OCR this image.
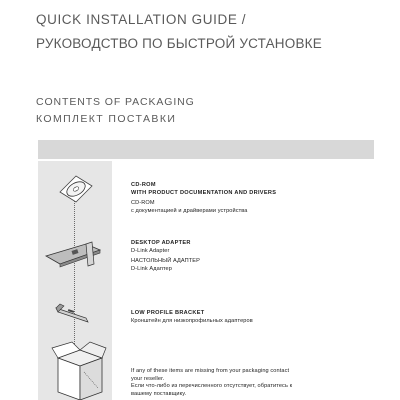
QUICK INSTALLATION GUIDE /
РУКОВОДСТВО ПО БЫСТРОЙ УСТАНОВКЕ
CONTENTS OF PACKAGING
КОМПЛЕКТ ПОСТАВКИ
CD-ROM
WITH PRODUCT DOCUMENTATION AND DRIVERS
CD-ROM
с документацией и драйверами устройства
DESKTOP ADAPTER
D-Link Adapter
НАСТОЛЬНЫЙ АДАПТЕР
D-Link Адаптер
LOW PROFILE BRACKET
Кронштейн для низкопрофильных адаптеров
If any of these items are missing from your packaging contact
your reseller.
Если что-либо из перечисленного отсутствует, обратитесь к
вашему поставщику.
